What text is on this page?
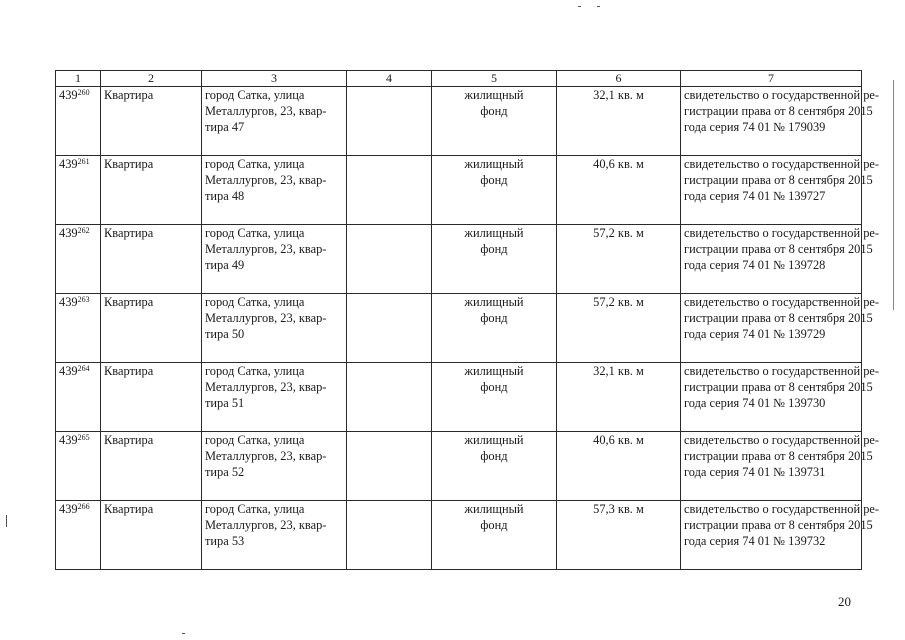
1	2	3	4	5	6	7
$439^{260}$	Квартира	город Сатка, улица
Металлургов, 23, квар-
тира 47		жилищный
фонд	32,1 кв. м	свидетельство о государственной ре-
гистрации права от 8 сентября 2015
года серия 74 01 № 179039

$439^{261}$	Квартира	город Сатка, улица
Металлургов, 23, квар-
тира 48		жилищный
фонд	40,6 кв. м	свидетельство о государственной ре-
гистрации права от 8 сентября 2015
года серия 74 01 № 139727

$439^{262}$	Квартира	город Сатка, улица
Металлургов, 23, квар-
тира 49		жилищный
фонд	57,2 кв. м	свидетельство о государственной ре-
гистрации права от 8 сентября 2015
года серия 74 01 № 139728

$439^{263}$	Квартира	город Сатка, улица
Металлургов, 23, квар-
тира 50		жилищный
фонд	57,2 кв. м	свидетельство о государственной ре-
гистрации права от 8 сентября 2015
года серия 74 01 № 139729

$439^{264}$	Квартира	город Сатка, улица
Металлургов, 23, квар-
тира 51		жилищный
фонд	32,1 кв. м	свидетельство о государственной ре-
гистрации права от 8 сентября 2015
года серия 74 01 № 139730

$439^{265}$	Квартира	город Сатка, улица
Металлургов, 23, квар-
тира 52		жилищный
фонд	40,6 кв. м	свидетельство о государственной ре-
гистрации права от 8 сентября 2015
года серия 74 01 № 139731

$439^{266}$	Квартира	город Сатка, улица
Металлургов, 23, квар-
тира 53		жилищный
фонд	57,3 кв. м	свидетельство о государственной ре-
гистрации права от 8 сентября 2015
года серия 74 01 № 139732
20
